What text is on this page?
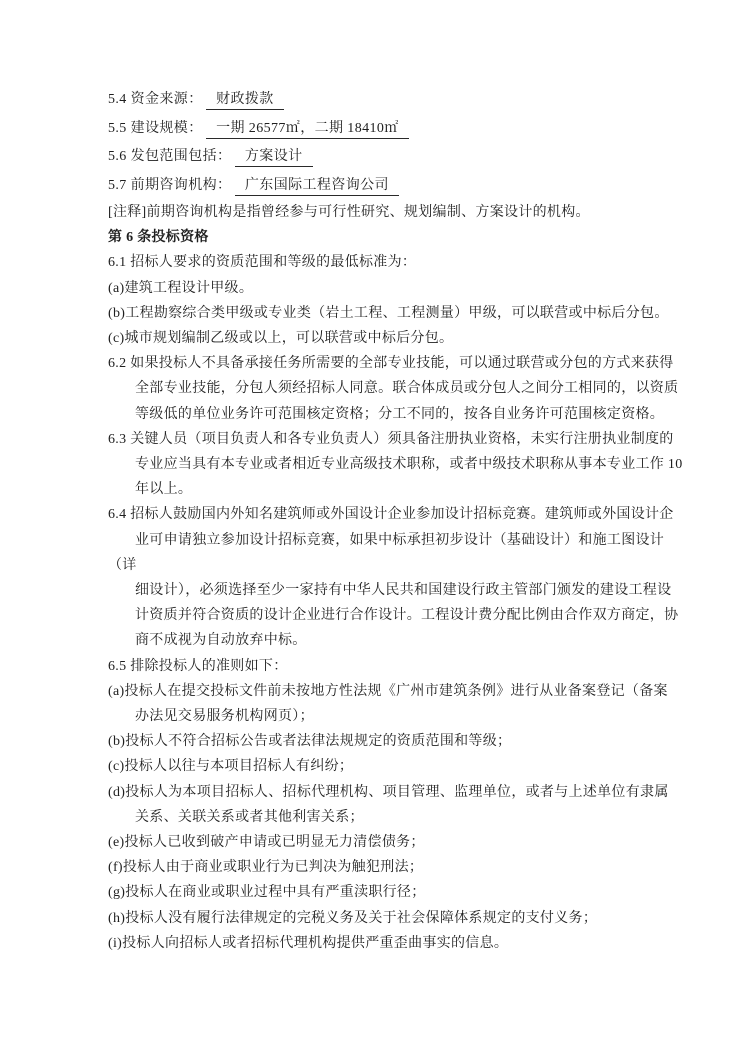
5.4 资金来源： 财政拨款
5.5 建设规模： 一期 26577㎡，二期 18410㎡
5.6 发包范围包括： 方案设计
5.7 前期咨询机构： 广东国际工程咨询公司
[注释]前期咨询机构是指曾经参与可行性研究、规划编制、方案设计的机构。
第 6 条投标资格
6.1 招标人要求的资质范围和等级的最低标准为：
(a)建筑工程设计甲级。
(b)工程勘察综合类甲级或专业类（岩土工程、工程测量）甲级，可以联营或中标后分包。
(c)城市规划编制乙级或以上，可以联营或中标后分包。
6.2 如果投标人不具备承接任务所需要的全部专业技能，可以通过联营或分包的方式来获得
全部专业技能，分包人须经招标人同意。联合体成员或分包人之间分工相同的，以资质
等级低的单位业务许可范围核定资格；分工不同的，按各自业务许可范围核定资格。
6.3 关键人员（项目负责人和各专业负责人）须具备注册执业资格，未实行注册执业制度的
专业应当具有本专业或者相近专业高级技术职称，或者中级技术职称从事本专业工作 10
年以上。
6.4 招标人鼓励国内外知名建筑师或外国设计企业参加设计招标竞赛。建筑师或外国设计企
业可申请独立参加设计招标竞赛，如果中标承担初步设计（基础设计）和施工图设计
（详
细设计），必须选择至少一家持有中华人民共和国建设行政主管部门颁发的建设工程设
计资质并符合资质的设计企业进行合作设计。工程设计费分配比例由合作双方商定，协
商不成视为自动放弃中标。
6.5 排除投标人的准则如下：
(a)投标人在提交投标文件前未按地方性法规《广州市建筑条例》进行从业备案登记（备案
办法见交易服务机构网页）；
(b)投标人不符合招标公告或者法律法规规定的资质范围和等级；
(c)投标人以往与本项目招标人有纠纷；
(d)投标人为本项目招标人、招标代理机构、项目管理、监理单位，或者与上述单位有隶属
关系、关联关系或者其他利害关系；
(e)投标人已收到破产申请或已明显无力清偿债务；
(f)投标人由于商业或职业行为已判决为触犯刑法；
(g)投标人在商业或职业过程中具有严重渎职行径；
(h)投标人没有履行法律规定的完税义务及关于社会保障体系规定的支付义务；
(i)投标人向招标人或者招标代理机构提供严重歪曲事实的信息。
